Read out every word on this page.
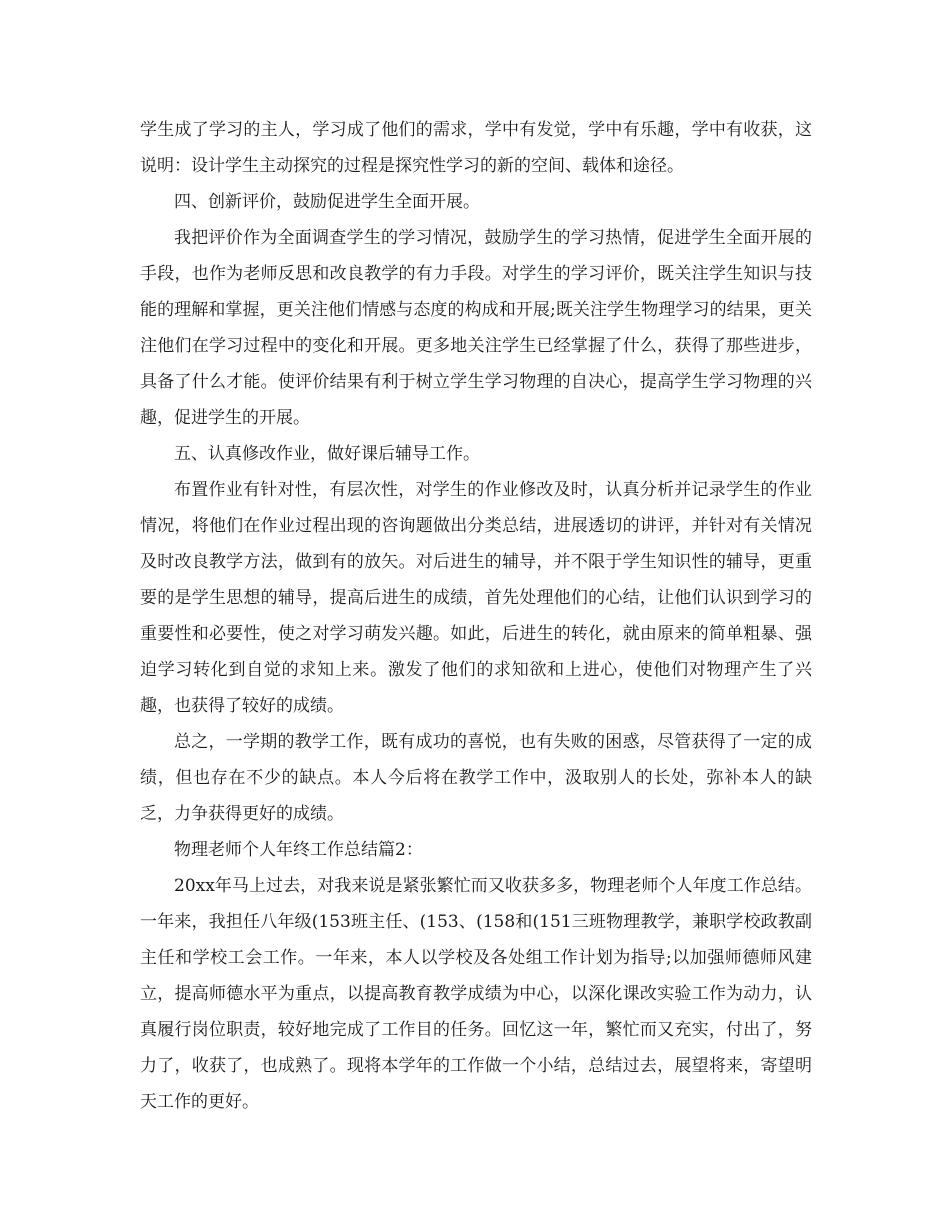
学生成了学习的主人，学习成了他们的需求，学中有发觉，学中有乐趣，学中有收获，这说明：设计学生主动探究的过程是探究性学习的新的空间、载体和途径。

四、创新评价，鼓励促进学生全面开展。

我把评价作为全面调查学生的学习情况，鼓励学生的学习热情，促进学生全面开展的手段，也作为老师反思和改良教学的有力手段。对学生的学习评价，既关注学生知识与技能的理解和掌握，更关注他们情感与态度的构成和开展;既关注学生物理学习的结果，更关注他们在学习过程中的变化和开展。更多地关注学生已经掌握了什么，获得了那些进步，具备了什么才能。使评价结果有利于树立学生学习物理的自决心，提高学生学习物理的兴趣，促进学生的开展。

五、认真修改作业，做好课后辅导工作。

布置作业有针对性，有层次性，对学生的作业修改及时，认真分析并记录学生的作业情况，将他们在作业过程出现的咨询题做出分类总结，进展透切的讲评，并针对有关情况及时改良教学方法，做到有的放矢。对后进生的辅导，并不限于学生知识性的辅导，更重要的是学生思想的辅导，提高后进生的成绩，首先处理他们的心结，让他们认识到学习的重要性和必要性，使之对学习萌发兴趣。如此，后进生的转化，就由原来的简单粗暴、强迫学习转化到自觉的求知上来。激发了他们的求知欲和上进心，使他们对物理产生了兴趣，也获得了较好的成绩。

总之，一学期的教学工作，既有成功的喜悦，也有失败的困惑，尽管获得了一定的成绩，但也存在不少的缺点。本人今后将在教学工作中，汲取别人的长处，弥补本人的缺乏，力争获得更好的成绩。

物理老师个人年终工作总结篇2：

20xx年马上过去，对我来说是紧张繁忙而又收获多多，物理老师个人年度工作总结。一年来，我担任八年级(153班主任、(153、(158和(151三班物理教学，兼职学校政教副主任和学校工会工作。一年来，本人以学校及各处组工作计划为指导;以加强师德师风建立，提高师德水平为重点，以提高教育教学成绩为中心，以深化课改实验工作为动力，认真履行岗位职责，较好地完成了工作目的任务。回忆这一年，繁忙而又充实，付出了，努力了，收获了，也成熟了。现将本学年的工作做一个小结，总结过去，展望将来，寄望明天工作的更好。
